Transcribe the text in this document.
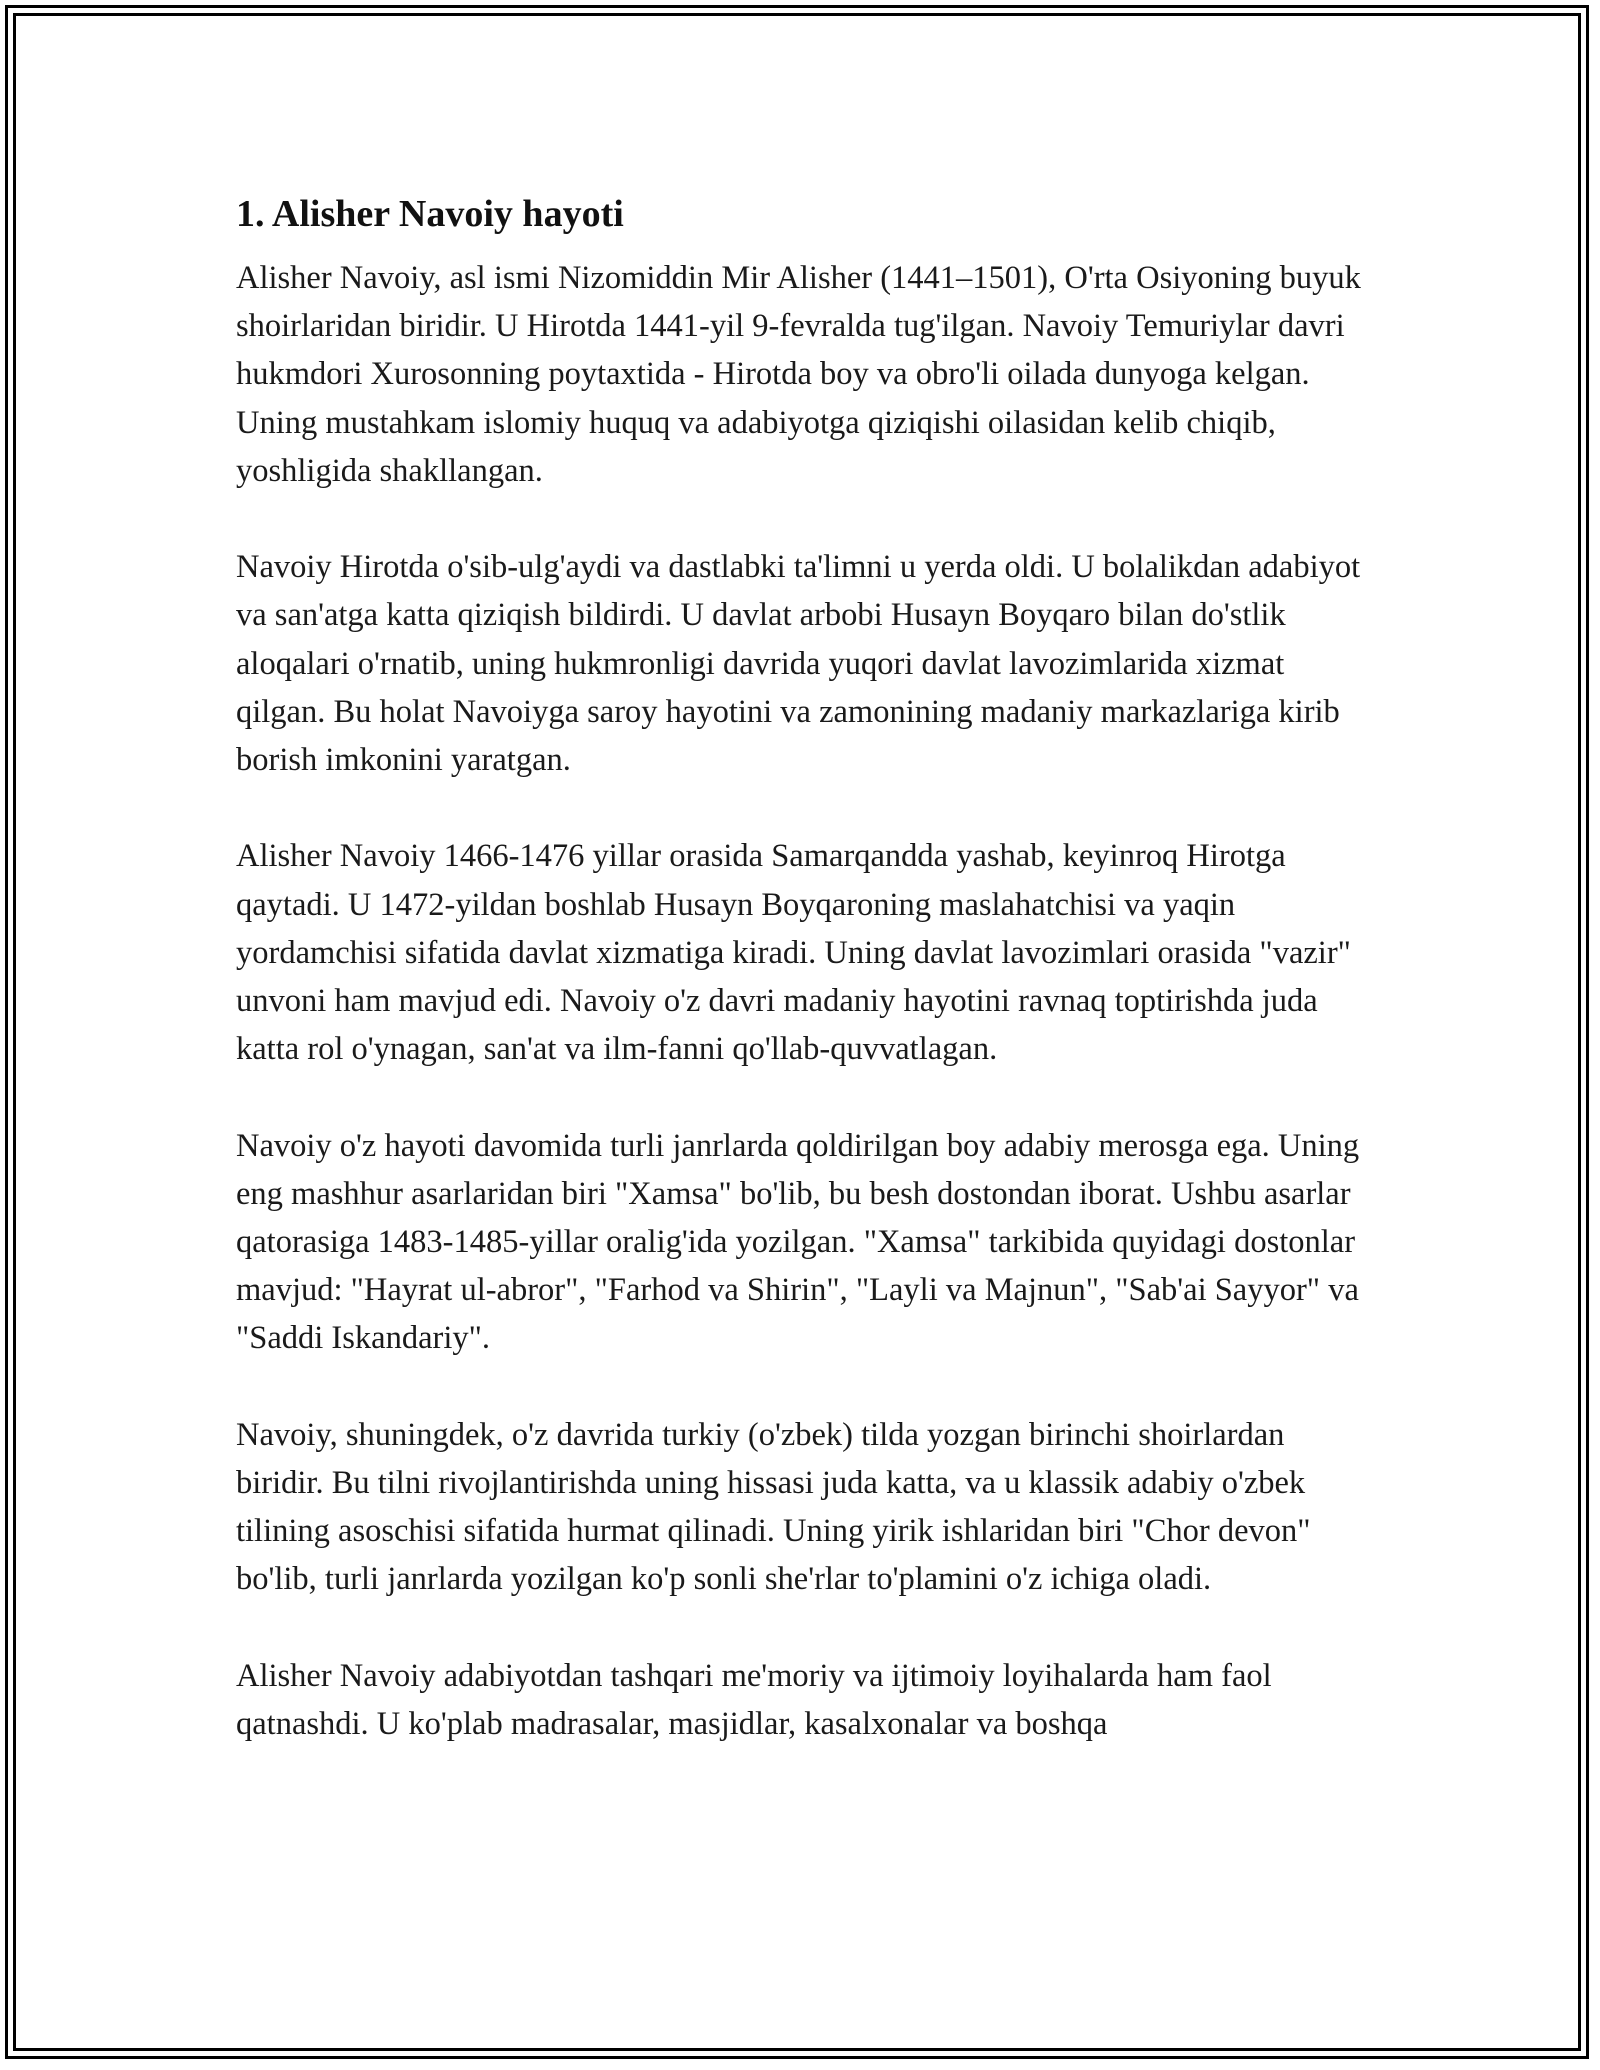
1. Alisher Navoiy hayoti

Alisher Navoiy, asl ismi Nizomiddin Mir Alisher (1441–1501), O'rta Osiyoning buyuk shoirlaridan biridir. U Hirotda 1441-yil 9-fevralda tug'ilgan. Navoiy Temuriylar davri hukmdori Xurosonning poytaxtida - Hirotda boy va obro'li oilada dunyoga kelgan. Uning mustahkam islomiy huquq va adabiyotga qiziqishi oilasidan kelib chiqib, yoshligida shakllangan.

Navoiy Hirotda o'sib-ulg'aydi va dastlabki ta'limni u yerda oldi. U bolalikdan adabiyot va san'atga katta qiziqish bildirdi. U davlat arbobi Husayn Boyqaro bilan do'stlik aloqalari o'rnatib, uning hukmronligi davrida yuqori davlat lavozimlarida xizmat qilgan. Bu holat Navoiyga saroy hayotini va zamonining madaniy markazlariga kirib borish imkonini yaratgan.

Alisher Navoiy 1466-1476 yillar orasida Samarqandda yashab, keyinroq Hirotga qaytadi. U 1472-yildan boshlab Husayn Boyqaroning maslahatchisi va yaqin yordamchisi sifatida davlat xizmatiga kiradi. Uning davlat lavozimlari orasida "vazir" unvoni ham mavjud edi. Navoiy o'z davri madaniy hayotini ravnaq toptirishda juda katta rol o'ynagan, san'at va ilm-fanni qo'llab-quvvatlagan.

Navoiy o'z hayoti davomida turli janrlarda qoldirilgan boy adabiy merosga ega. Uning eng mashhur asarlaridan biri "Xamsa" bo'lib, bu besh dostondan iborat. Ushbu asarlar qatorasiga 1483-1485-yillar oralig'ida yozilgan. "Xamsa" tarkibida quyidagi dostonlar mavjud: "Hayrat ul-abror", "Farhod va Shirin", "Layli va Majnun", "Sab'ai Sayyor" va "Saddi Iskandariy".

Navoiy, shuningdek, o'z davrida turkiy (o'zbek) tilda yozgan birinchi shoirlardan biridir. Bu tilni rivojlantirishda uning hissasi juda katta, va u klassik adabiy o'zbek tilining asoschisi sifatida hurmat qilinadi. Uning yirik ishlaridan biri "Chor devon" bo'lib, turli janrlarda yozilgan ko'p sonli she'rlar to'plamini o'z ichiga oladi.

Alisher Navoiy adabiyotdan tashqari me'moriy va ijtimoiy loyihalarda ham faol qatnashdi. U ko'plab madrasalar, masjidlar, kasalxonalar va boshqa
